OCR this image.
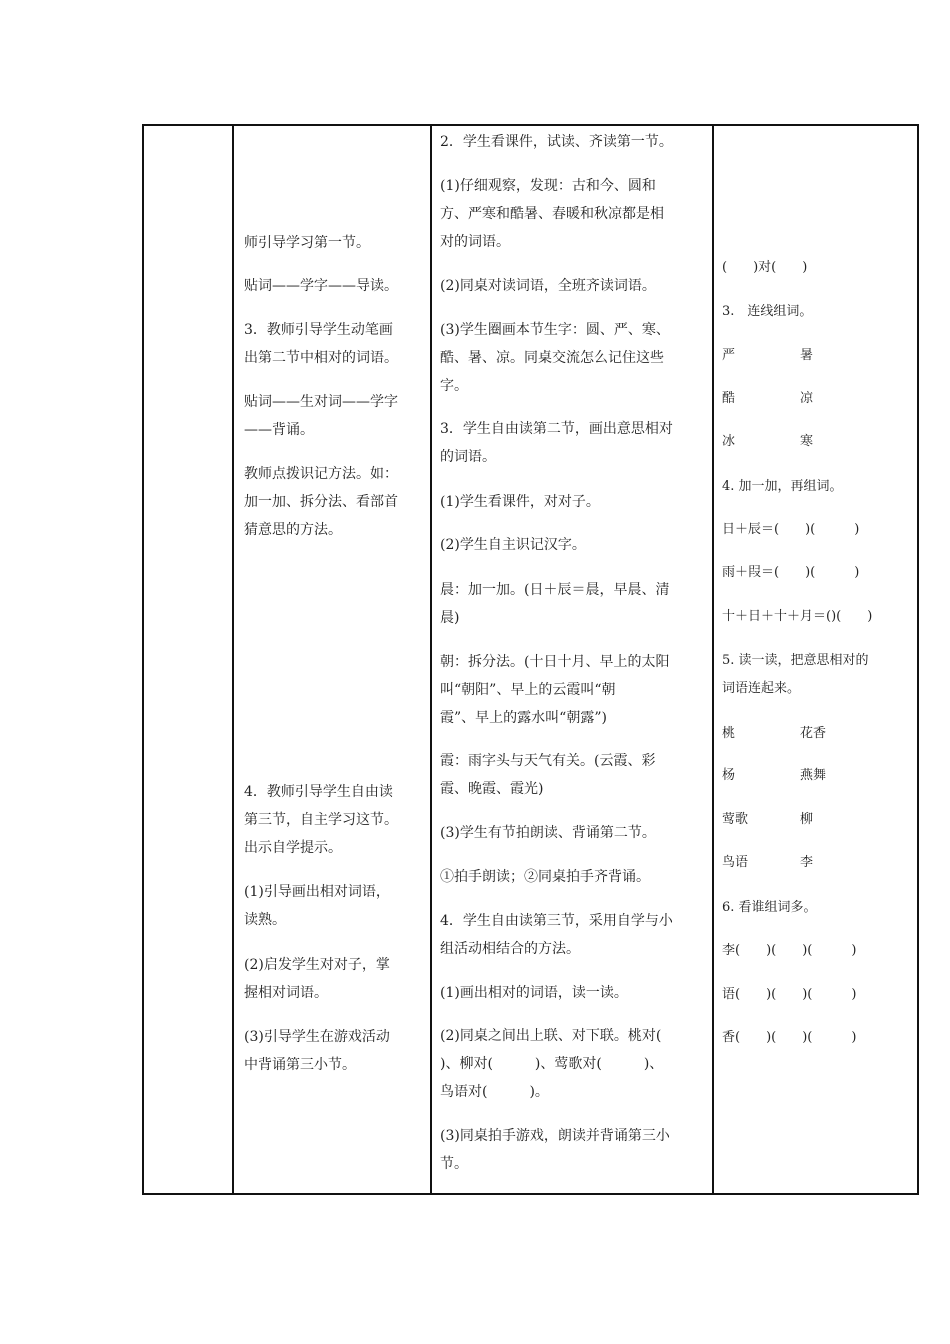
师引导学习第一节。
贴词——学字——导读。
3．教师引导学生动笔画
出第二节中相对的词语。
贴词——生对词——学字
——背诵。
教师点拨识记方法。如：
加一加、拆分法、看部首
猜意思的方法。
4．教师引导学生自由读
第三节，自主学习这节。
出示自学提示。
(1)引导画出相对词语，
读熟。
(2)启发学生对对子，掌
握相对词语。
(3)引导学生在游戏活动
中背诵第三小节。
2．学生看课件，试读、齐读第一节。
(1)仔细观察，发现：古和今、圆和
方、严寒和酷暑、春暖和秋凉都是相
对的词语。
(2)同桌对读词语，全班齐读词语。
(3)学生圈画本节生字：圆、严、寒、
酷、暑、凉。同桌交流怎么记住这些
字。
3．学生自由读第二节，画出意思相对
的词语。
(1)学生看课件，对对子。
(2)学生自主识记汉字。
晨：加一加。(日＋辰＝晨，早晨、清
晨)
朝：拆分法。(十日十月、早上的太阳
叫“朝阳”、早上的云霞叫“朝
霞”、早上的露水叫“朝露”)
霞：雨字头与天气有关。(云霞、彩
霞、晚霞、霞光)
(3)学生有节拍朗读、背诵第二节。
①拍手朗读；②同桌拍手齐背诵。
4．学生自由读第三节，采用自学与小
组活动相结合的方法。
(1)画出相对的词语，读一读。
(2)同桌之间出上联、对下联。桃对(
)、柳对(　　　)、莺歌对(　　　)、
鸟语对(　　　)。
(3)同桌拍手游戏，朗读并背诵第三小
节。
(　　)对(　　)
3.　连线组词。
严　　　　　暑
酷　　　　　凉
冰　　　　　寒
4. 加一加，再组词。
日＋辰＝(　　)(　　　)
雨＋叚＝(　　)(　　　)
十＋日＋十＋月＝()(　　)
5. 读一读，把意思相对的
词语连起来。
桃　　　　　花香
杨　　　　　燕舞
莺歌　　　　柳
鸟语　　　　李
6. 看谁组词多。
李(　　)(　　)(　　　)
语(　　)(　　)(　　　)
香(　　)(　　)(　　　)
